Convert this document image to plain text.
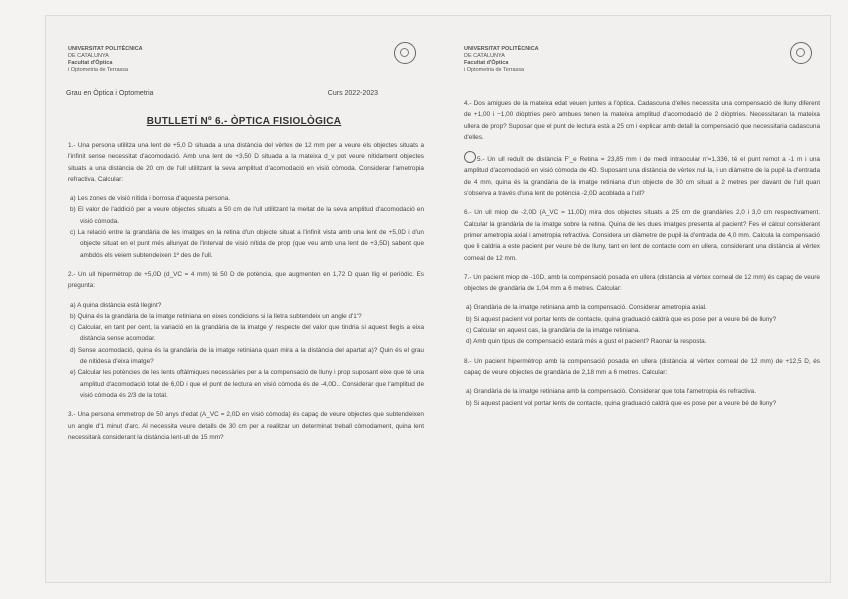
UNIVERSITAT POLITÈCNICA
DE CATALUNYA
Facultat d'Òptica
i Optometria de Terrassa
Grau en Òptica i Optometria	Curs 2022-2023
BUTLLETÍ Nº 6.- ÒPTICA FISIOLÒGICA

1.- Una persona utilitza una lent de +5,0 D situada a una distància del vèrtex de 12 mm per a veure els objectes situats a l'infinit sense necessitat d'acomodació. Amb una lent de +3,50 D situada a la mateixa d_v pot veure nítidament objectes situats a una distància de 20 cm de l'ull utilitzant la seva amplitud d'acomodació en visió còmoda. Considerar l'ametropia refractiva. Calcular:

a) Les zones de visió nítida i borrosa d'aquesta persona.
b) El valor de l'addició per a veure objectes situats a 50 cm de l'ull utilitzant la meitat de la seva amplitud d'acomodació en visió còmoda.
c) La relació entre la grandària de les imatges en la retina d'un objecte situat a l'infinit vista amb una lent de +5,0D i d'un objecte situat en el punt més allunyat de l'interval de visió nítida de prop (que veu amb una lent de +3,5D) sabent que ambdós els veiem subtendeixen 1º des de l'ull.

2.- Un ull hipermètrop de +5,0D (d_VC = 4 mm) té 50 D de potència, que augmenten en 1,72 D quan llig el periòdic. Es pregunta:

a) A quina distància està llegint?
b) Quina és la grandària de la imatge retiniana en eixes condicions si la lletra subtendeix un angle d'1'?
c) Calcular, en tant per cent, la variació en la grandària de la imatge y' respecte del valor que tindria si aquest llegís a eixa distància sense acomodar.
d) Sense acomodació, quina és la grandària de la imatge retiniana quan mira a la distància del apartat a)? Quin és el grau de nitidesa d'eixa imatge?
e) Calcular les potències de les lents oftàlmiques necessàries per a la compensació de lluny i prop suposant eixe que té una amplitud d'acomodació total de 6,0D i que el punt de lectura en visió còmoda és de -4,0D.. Considerar que l'amplitud de visió còmoda és 2/3 de la total.

3.- Una persona emmetrop de 50 anys d'edat (A_VC = 2,0D en visió còmoda) és capaç de veure objectes que subtendeixen un angle d'1 minut d'arc. Al necessita veure detalls de 30 cm per a realitzar un determinat treball còmodament, quina lent necessitarà considerant la distància lent-ull de 15 mm?

UNIVERSITAT POLITÈCNICA
DE CATALUNYA
Facultat d'Òptica
i Optometria de Terrassa

4.- Dos amigues de la mateixa edat veuen juntes a l'òptica. Cadascuna d'elles necessita una compensació de lluny diferent de +1,00 i −1,00 diòptries però ambues tenen la mateixa amplitud d'acomodació de 2 diòptries. Necessitaran la mateixa ullera de prop? Suposar que el punt de lectura està a 25 cm i explicar amb detall la compensació que necessitaria cadascuna d'elles.

5.- Un ull reduït de distància F'_e Retina = 23,85 mm i de medi intraocular n'=1,336, té el punt remot a -1 m i una amplitud d'acomodació en visió còmoda de 4D. Suposant una distància de vèrtex nul·la, i un diàmetre de la pupil·la d'entrada de 4 mm, quina és la grandària de la imatge retiniana d'un objecte de 30 cm situat a 2 metres per davant de l'ull quan s'observa a través d'una lent de potència -2,0D acoblada a l'ull?

6.- Un ull miop de -2,0D (A_VC = 11,0D) mira dos objectes situats a 25 cm de grandàries 2,0 i 3,0 cm respectivament. Calcular la grandària de la imatge sobre la retina. Quina de les dues imatges presenta al pacient? Fes el càlcul considerant primer ametropia axial i ametropia refractiva. Considera un diàmetre de pupil·la d'entrada de 4,0 mm. Calcula la compensació que li caldria a este pacient per veure bé de lluny, tant en lent de contacte com en ullera, considerant una distància al vèrtex corneal de 12 mm.

7.- Un pacient miop de -10D, amb la compensació posada en ullera (distància al vèrtex corneal de 12 mm) és capaç de veure objectes de grandària de 1,04 mm a 6 metres. Calcular:

a) Grandària de la imatge retiniana amb la compensació. Considerar ametropia axial.
b) Si aquest pacient vol portar lents de contacte, quina graduació caldrà que es pose per a veure bé de lluny?
c) Calcular en aquest cas, la grandària de la imatge retiniana.
d) Amb quin tipus de compensació estarà més a gust el pacient? Raonar la resposta.

8.- Un pacient hipermètrop amb la compensació posada en ullera (distància al vèrtex corneal de 12 mm) de +12,5 D, és capaç de veure objectes de grandària de 2,18 mm a 6 metres. Calcular:

a) Grandària de la imatge retiniana amb la compensació. Considerar que tota l'ametropia és refractiva.
b) Si aquest pacient vol portar lents de contacte, quina graduació caldrà que es pose per a veure bé de lluny?
